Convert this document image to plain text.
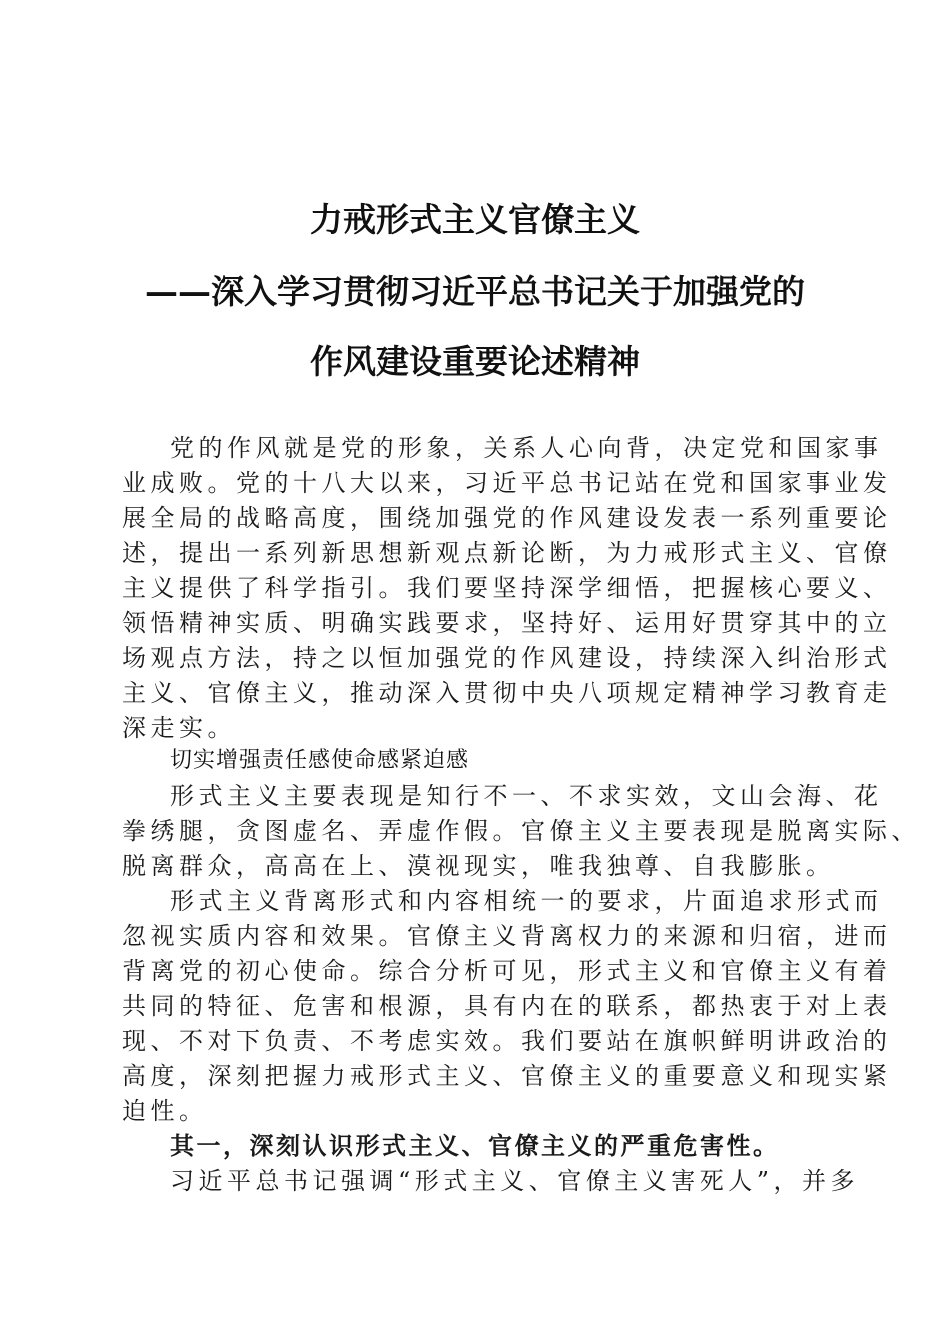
力戒形式主义官僚主义
——深入学习贯彻习近平总书记关于加强党的
作风建设重要论述精神
党的作风就是党的形象，关系人心向背，决定党和国家事
业成败。党的十八大以来，习近平总书记站在党和国家事业发
展全局的战略高度，围绕加强党的作风建设发表一系列重要论
述，提出一系列新思想新观点新论断，为力戒形式主义、官僚
主义提供了科学指引。我们要坚持深学细悟，把握核心要义、
领悟精神实质、明确实践要求，坚持好、运用好贯穿其中的立
场观点方法，持之以恒加强党的作风建设，持续深入纠治形式
主义、官僚主义，推动深入贯彻中央八项规定精神学习教育走
深走实。
切实增强责任感使命感紧迫感
形式主义主要表现是知行不一、不求实效，文山会海、花
拳绣腿，贪图虚名、弄虚作假。官僚主义主要表现是脱离实际、
脱离群众，高高在上、漠视现实，唯我独尊、自我膨胀。
形式主义背离形式和内容相统一的要求，片面追求形式而
忽视实质内容和效果。官僚主义背离权力的来源和归宿，进而
背离党的初心使命。综合分析可见，形式主义和官僚主义有着
共同的特征、危害和根源，具有内在的联系，都热衷于对上表
现、不对下负责、不考虑实效。我们要站在旗帜鲜明讲政治的
高度，深刻把握力戒形式主义、官僚主义的重要意义和现实紧
迫性。
其一，深刻认识形式主义、官僚主义的严重危害性。
习近平总书记强调“形式主义、官僚主义害死人”，并多
